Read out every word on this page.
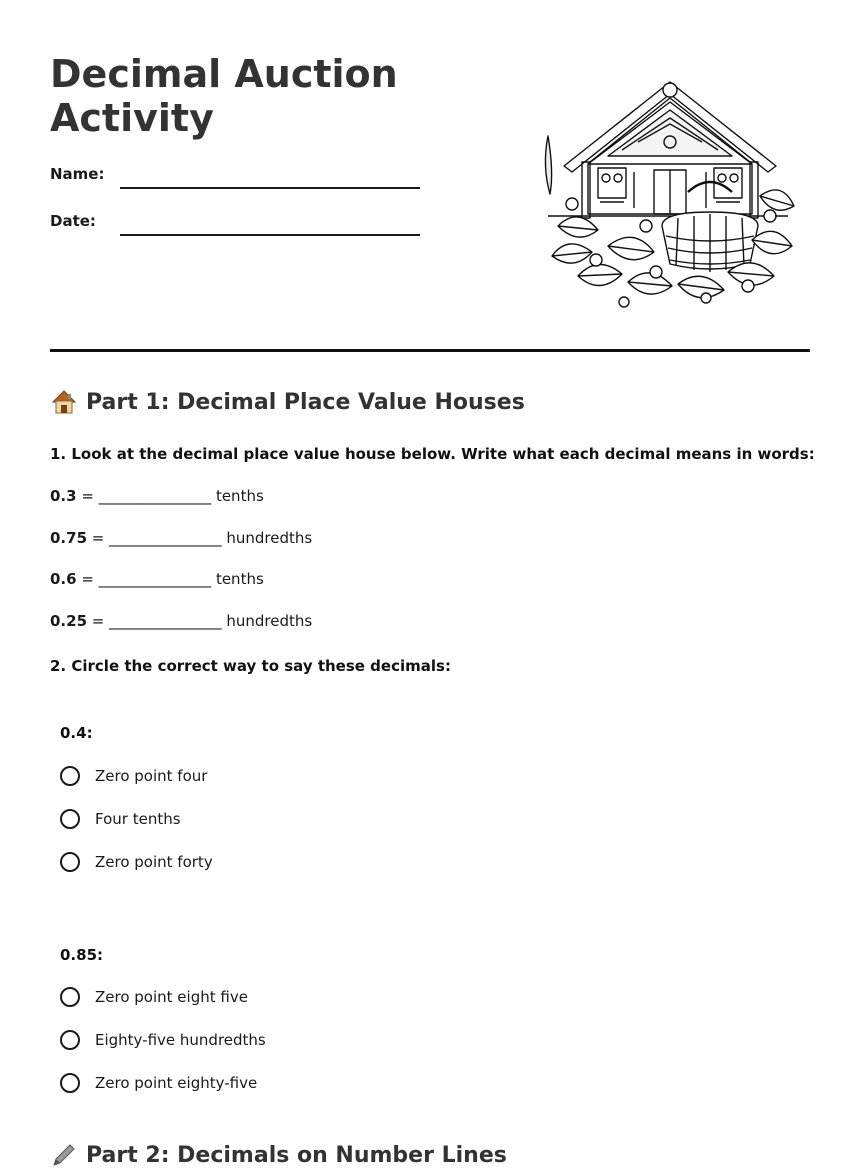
Decimal Auction Activity
Name:
Date:
Part 1: Decimal Place Value Houses
1. Look at the decimal place value house below. Write what each decimal means in words:
0.3 = _______________ tenths
0.75 = _______________ hundredths
0.6 = _______________ tenths
0.25 = _______________ hundredths
2. Circle the correct way to say these decimals:
0.4:
Zero point four
Four tenths
Zero point forty
0.85:
Zero point eight five
Eighty-five hundredths
Zero point eighty-five
Part 2: Decimals on Number Lines
